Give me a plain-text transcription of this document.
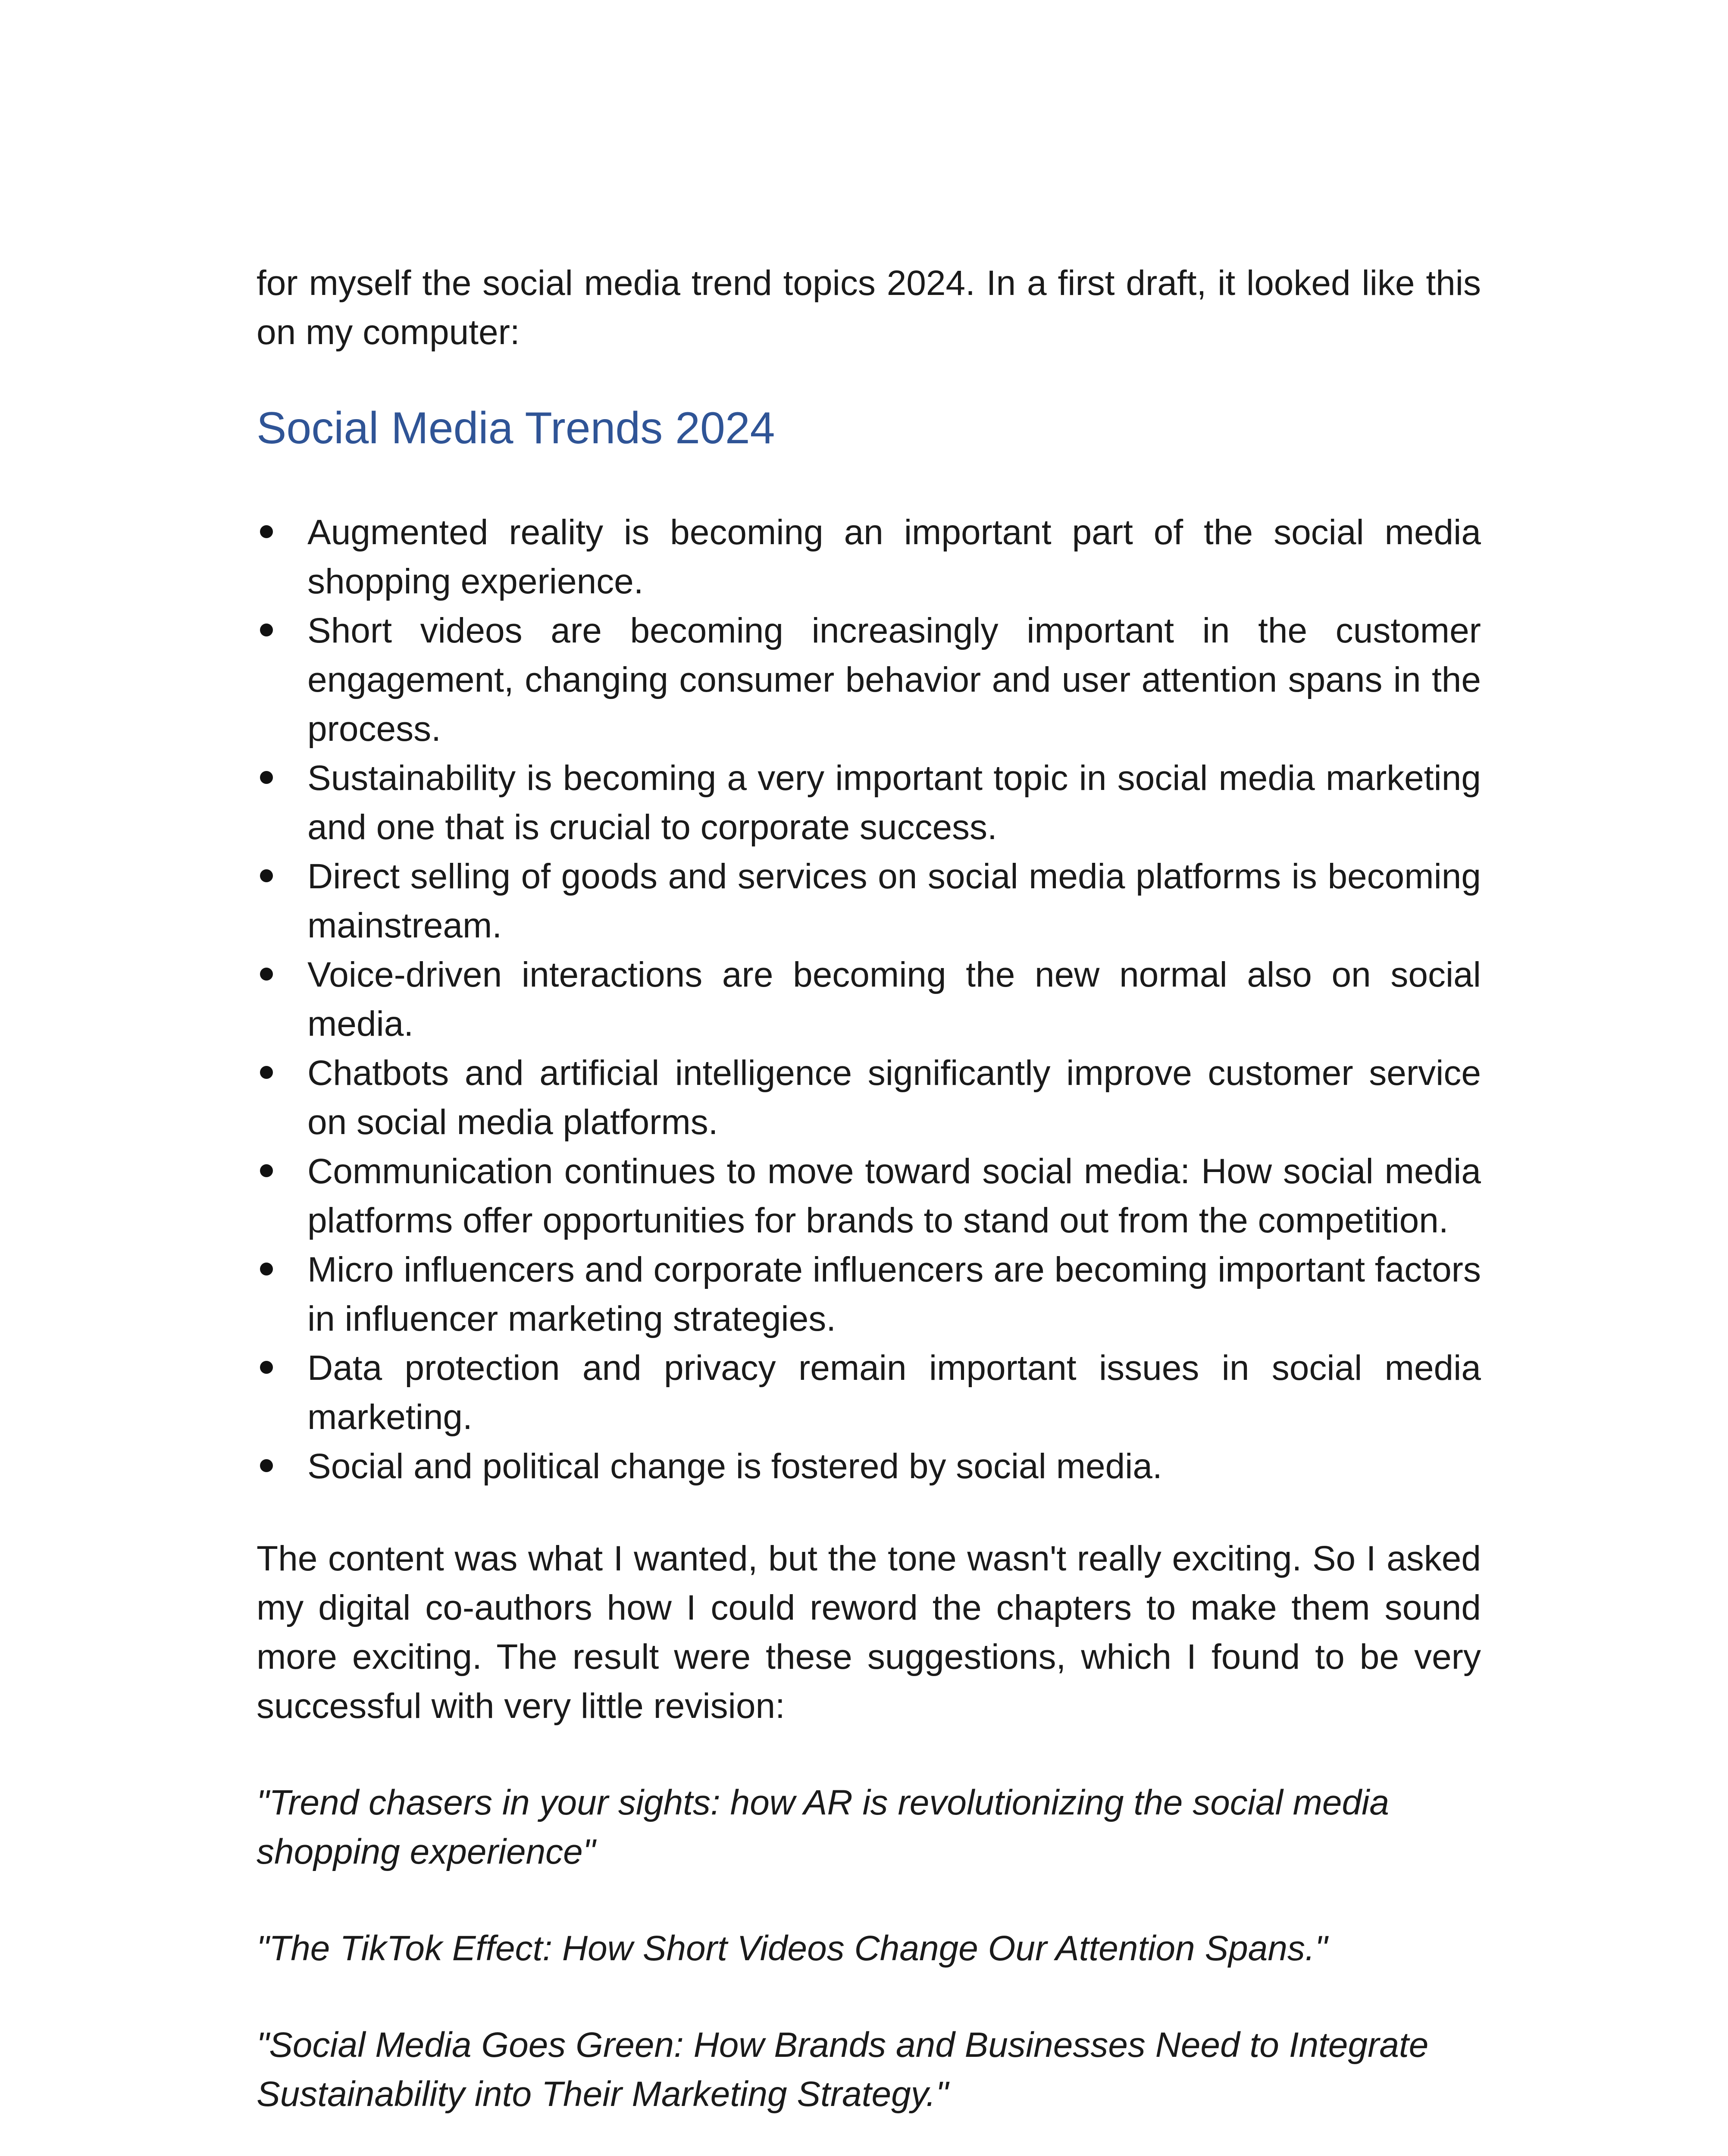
for myself the social media trend topics 2024. In a first draft, it looked like this on my computer:

Social Media Trends 2024
Augmented reality is becoming an important part of the social media shopping experience.
Short videos are becoming increasingly important in the customer engagement, changing consumer behavior and user attention spans in the process.
Sustainability is becoming a very important topic in social media marketing and one that is crucial to corporate success.
Direct selling of goods and services on social media platforms is becoming mainstream.
Voice-driven interactions are becoming the new normal also on social media.
Chatbots and artificial intelligence significantly improve customer service on social media platforms.
Communication continues to move toward social media: How social media platforms offer opportunities for brands to stand out from the competition.
Micro influencers and corporate influencers are becoming important factors in influencer marketing strategies.
Data protection and privacy remain important issues in social media marketing.
Social and political change is fostered by social media.

The content was what I wanted, but the tone wasn't really exciting. So I asked my digital co-authors how I could reword the chapters to make them sound more exciting. The result were these suggestions, which I found to be very successful with very little revision:

"Trend chasers in your sights: how AR is revolutionizing the social media shopping experience"

"The TikTok Effect: How Short Videos Change Our Attention Spans."

"Social Media Goes Green: How Brands and Businesses Need to Integrate Sustainability into Their Marketing Strategy."
